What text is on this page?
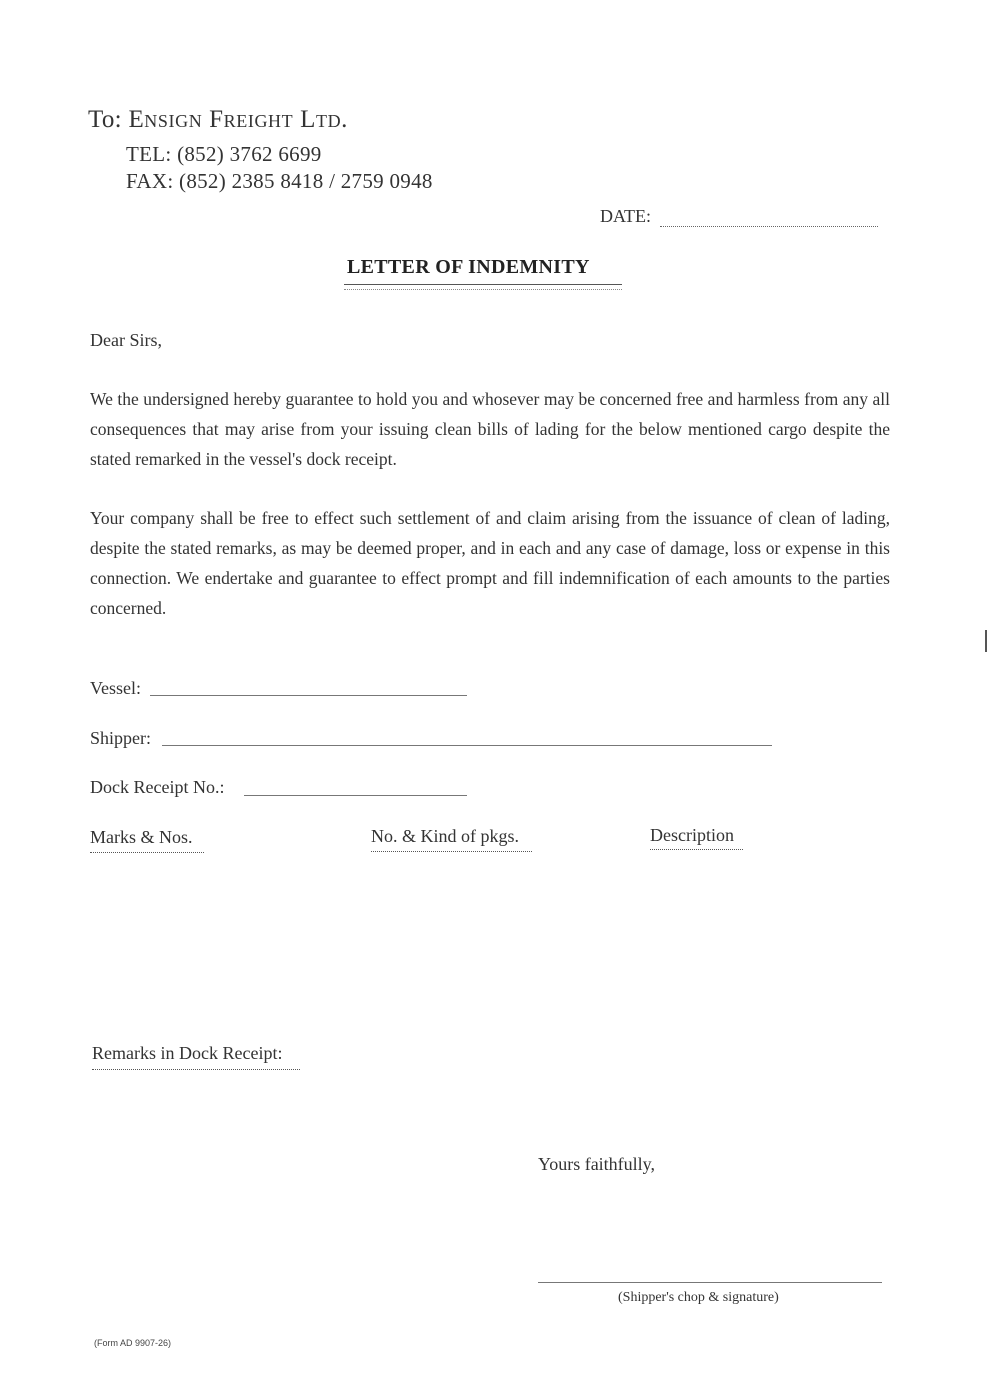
To: Ensign Freight Ltd.
TEL: (852) 3762 6699
FAX: (852) 2385 8418 / 2759 0948
DATE:
LETTER OF INDEMNITY
Dear Sirs,
We the undersigned hereby guarantee to hold you and whosever may be concerned free and harmless from any all consequences that may arise from your issuing clean bills of lading for the below mentioned cargo despite the stated remarked in the vessel's dock receipt.
Your company shall be free to effect such settlement of and claim arising from the issuance of clean of lading, despite the stated remarks, as may be deemed proper, and in each and any case of damage, loss or expense in this connection. We endertake and guarantee to effect prompt and fill indemnification of each amounts to the parties concerned.
Vessel:
Shipper:
Dock Receipt No.:
Marks & Nos.	No. & Kind of pkgs.	Description
Remarks in Dock Receipt:
Yours faithfully,
(Shipper's chop & signature)
(Form AD 9907-26)
